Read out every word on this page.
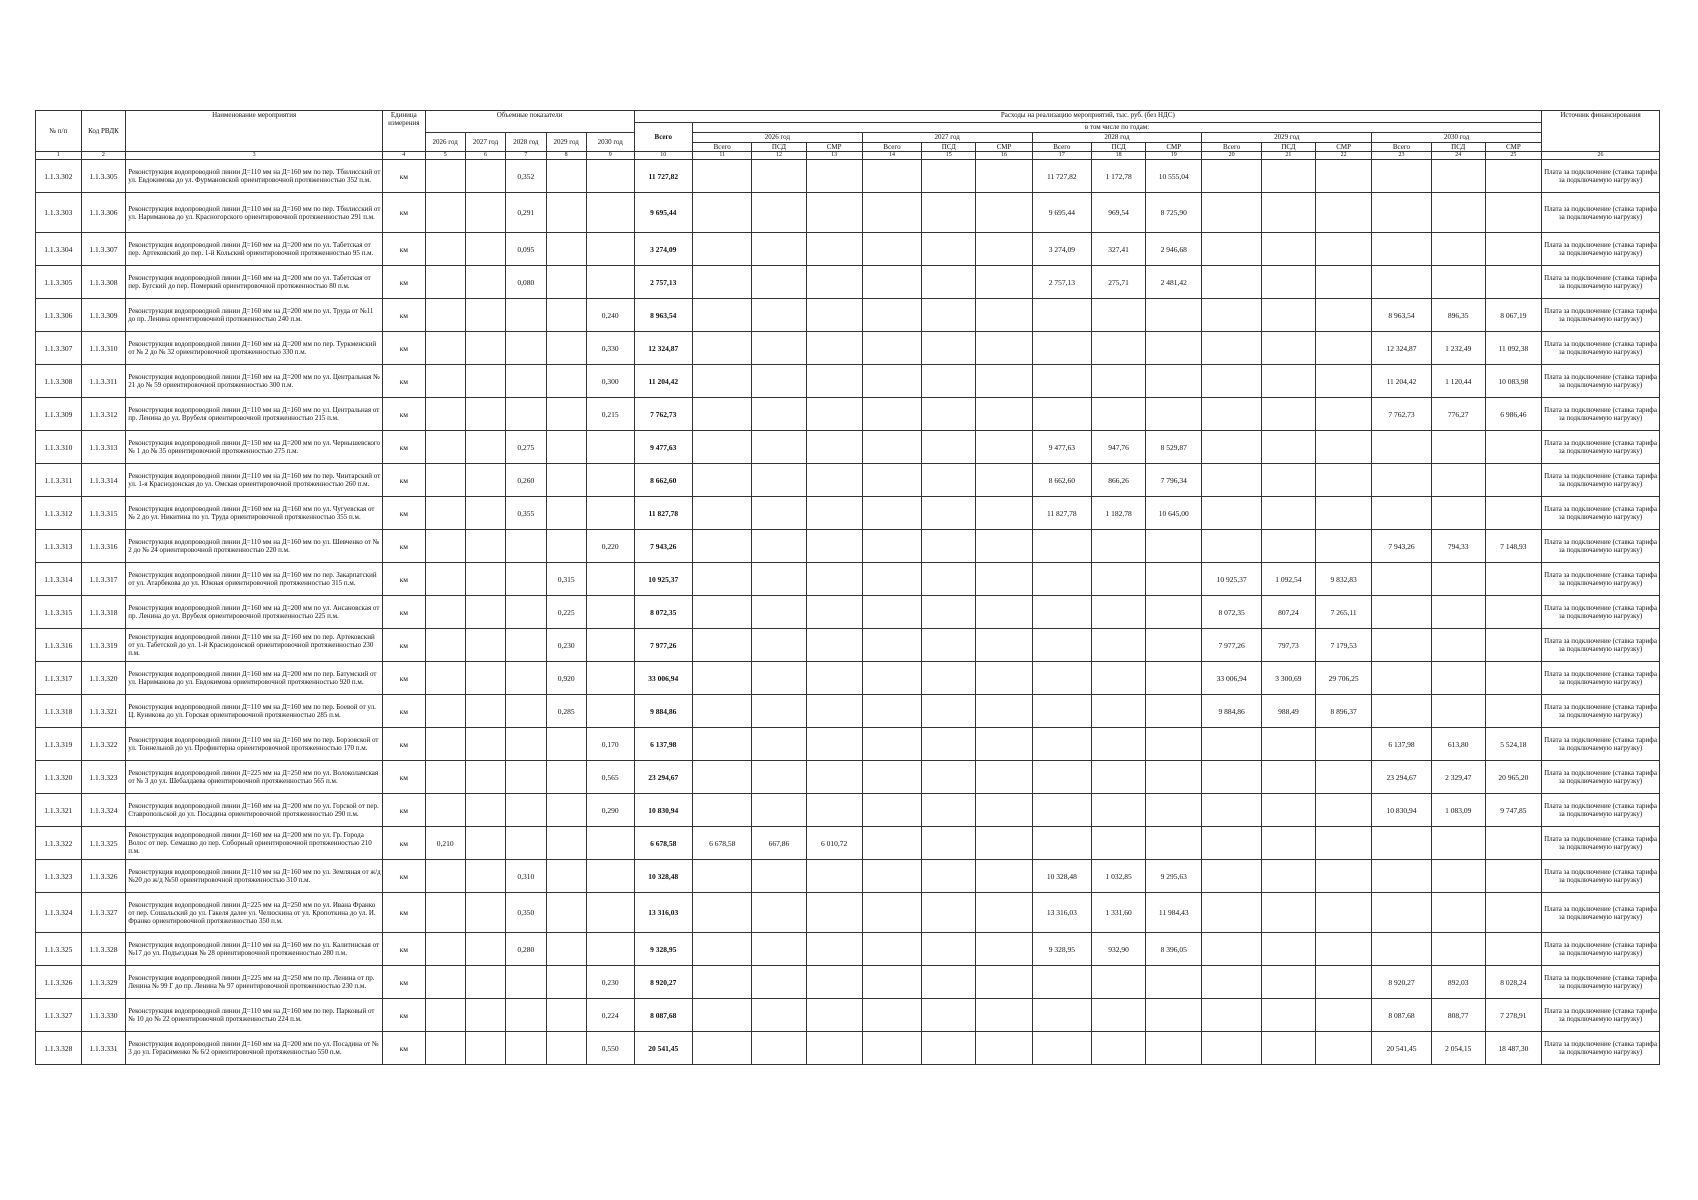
№ п/п	Код РВДК	Наименование мероприятия	Единица измерения	Объемные показатели					Расходы на реализацию мероприятий, тыс. руб. (без НДС)																Источник финансирования
									Всего	в том числе по годам:															
				2026 год	2027 год	2028 год	2029 год	2030 год		2026 год			2027 год			2028 год			2029 год			2030 год			
										Всего	ПСД	СМР	Всего	ПСД	СМР	Всего	ПСД	СМР	Всего	ПСД	СМР	Всего	ПСД	СМР	
1	2	3	4	5	6	7	8	9	10	11	12	13	14	15	16	17	18	19	20	21	22	23	24	25	26
1.1.3.302	1.1.3.305	Реконструкция водопроводной линии Д=110 мм на Д=160 мм по пер. Тбилисский от ул. Евдокимова до ул. Фурмановской ориентировочной протяженностью 352 п.м.	км			0,352			11 727,82							11 727,82	1 172,78	10 555,04							Плата за подключение (ставка тарифа за подключаемую нагрузку)
1.1.3.303	1.1.3.306	Реконструкция водопроводной линии Д=110 мм на Д=160 мм по пер. Тбилисский от ул. Нариманова до ул. Красногорского ориентировочной протяженностью 291 п.м.	км			0,291			9 695,44							9 695,44	969,54	8 725,90							Плата за подключение (ставка тарифа за подключаемую нагрузку)
1.1.3.304	1.1.3.307	Реконструкция водопроводной линии Д=160 мм на Д=200 мм по ул. Табетская от пер. Артековский до пер. 1-й Кольский ориентировочной протяженностью 95 п.м.	км			0,095			3 274,09							3 274,09	327,41	2 946,68							Плата за подключение (ставка тарифа за подключаемую нагрузку)
1.1.3.305	1.1.3.308	Реконструкция водопроводной линии Д=160 мм на Д=200 мм по ул. Табетская от пер. Бугский до пер. Померкий ориентировочной протяженностью 80 п.м.	км			0,080			2 757,13							2 757,13	275,71	2 481,42							Плата за подключение (ставка тарифа за подключаемую нагрузку)
1.1.3.306	1.1.3.309	Реконструкция водопроводной линии Д=160 мм на Д=200 мм по ул. Труда от №11 до пр. Ленина ориентировочной протяженностью 240 п.м.	км					0,240	8 963,54													8 963,54	896,35	8 067,19	Плата за подключение (ставка тарифа за подключаемую нагрузку)
1.1.3.307	1.1.3.310	Реконструкция водопроводной линии Д=160 мм на Д=200 мм по пер. Туркменский от № 2 до № 32 ориентировочной протяженностью 330 п.м.	км					0,330	12 324,87													12 324,87	1 232,49	11 092,38	Плата за подключение (ставка тарифа за подключаемую нагрузку)
1.1.3.308	1.1.3.311	Реконструкция водопроводной линии Д=160 мм на Д=200 мм по ул. Центральная № 21 до № 59 ориентировочной протяженностью 300 п.м.	км					0,300	11 204,42													11 204,42	1 120,44	10 083,98	Плата за подключение (ставка тарифа за подключаемую нагрузку)
1.1.3.309	1.1.3.312	Реконструкция водопроводной линии Д=110 мм на Д=160 мм по ул. Центральная от пр. Ленина до ул. Врубеля ориентировочной протяженностью 215 п.м.	км					0,215	7 762,73													7 762,73	776,27	6 986,46	Плата за подключение (ставка тарифа за подключаемую нагрузку)
1.1.3.310	1.1.3.313	Реконструкция водопроводной линии Д=150 мм на Д=200 мм по ул. Чернышевского № 1 до № 35 ориентировочной протяженностью 275 п.м.	км			0,275			9 477,63							9 477,63	947,76	8 529,87							Плата за подключение (ставка тарифа за подключаемую нагрузку)
1.1.3.311	1.1.3.314	Реконструкция водопроводной линии Д=110 мм на Д=160 мм по пер. Чинтарский от ул. 1-я Краснодонская до ул. Омская ориентировочной протяженностью 260 п.м.	км			0,260			8 662,60							8 662,60	866,26	7 796,34							Плата за подключение (ставка тарифа за подключаемую нагрузку)
1.1.3.312	1.1.3.315	Реконструкция водопроводной линии Д=160 мм на Д=160 мм по ул. Чугуевская от № 2 до ул. Никитина по ул. Труда ориентировочной протяженностью 355 п.м.	км			0,355			11 827,78							11 827,78	1 182,78	10 645,00							Плата за подключение (ставка тарифа за подключаемую нагрузку)
1.1.3.313	1.1.3.316	Реконструкция водопроводной линии Д=110 мм на Д=160 мм по ул. Шевченко от № 2 до № 24 ориентировочной протяженностью 220 п.м.	км					0,220	7 943,26													7 943,26	794,33	7 148,93	Плата за подключение (ставка тарифа за подключаемую нагрузку)
1.1.3.314	1.1.3.317	Реконструкция водопроводной линии Д=110 мм на Д=160 мм по пер. Закарпатский от ул. Атарбекова до ул. Южная ориентировочной протяженностью 315 п.м.	км				0,315		10 925,37										10 925,37	1 092,54	9 832,83				Плата за подключение (ставка тарифа за подключаемую нагрузку)
1.1.3.315	1.1.3.318	Реконструкция водопроводной линии Д=160 мм на Д=200 мм по ул. Ансановская от пр. Ленина до ул. Врубеля ориентировочной протяженностью 225 п.м.	км				0,225		8 072,35										8 072,35	807,24	7 265,11				Плата за подключение (ставка тарифа за подключаемую нагрузку)
1.1.3.316	1.1.3.319	Реконструкция водопроводной линии Д=110 мм на Д=160 мм по пер. Артековский от ул. Табетской до ул. 1-й Краснодонской ориентировочной протяженностью 230 п.м.	км				0,230		7 977,26										7 977,26	797,73	7 179,53				Плата за подключение (ставка тарифа за подключаемую нагрузку)
1.1.3.317	1.1.3.320	Реконструкция водопроводной линии Д=160 мм на Д=200 мм по пер. Батумский от ул. Нариманова до ул. Евдокимова ориентировочной протяженностью 920 п.м.	км				0,920		33 006,94										33 006,94	3 300,69	29 706,25				Плата за подключение (ставка тарифа за подключаемую нагрузку)
1.1.3.318	1.1.3.321	Реконструкция водопроводной линии Д=110 мм на Д=160 мм по пер. Боевой от ул. Ц. Куникова до ул. Горская ориентировочной протяженностью 285 п.м.	км				0,285		9 884,86										9 884,86	988,49	8 896,37				Плата за подключение (ставка тарифа за подключаемую нагрузку)
1.1.3.319	1.1.3.322	Реконструкция водопроводной линии Д=110 мм на Д=160 мм по пер. Борзовской от ул. Тоннельной до ул. Профинтерна ориентировочной протяженностью 170 п.м.	км					0,170	6 137,98													6 137,98	613,80	5 524,18	Плата за подключение (ставка тарифа за подключаемую нагрузку)
1.1.3.320	1.1.3.323	Реконструкция водопроводной линии Д=225 мм на Д=250 мм по ул. Волоколамская от № 3 до ул. Шебалдаева ориентировочной протяженностью 565 п.м.	км					0,565	23 294,67													23 294,67	2 329,47	20 965,20	Плата за подключение (ставка тарифа за подключаемую нагрузку)
1.1.3.321	1.1.3.324	Реконструкция водопроводной линии Д=160 мм на Д=200 мм по ул. Горской от пер. Ставропольской до ул. Посадина ориентировочной протяженностью 290 п.м.	км					0,290	10 830,94													10 830,94	1 083,09	9 747,85	Плата за подключение (ставка тарифа за подключаемую нагрузку)
1.1.3.322	1.1.3.325	Реконструкция водопроводной линии Д=160 мм на Д=200 мм по ул. Гр. Города Волос от пер. Семашко до пер. Соборный ориентировочной протяженностью 210 п.м.	км	0,210					6 678,58	6 678,58	667,86	6 010,72													Плата за подключение (ставка тарифа за подключаемую нагрузку)
1.1.3.323	1.1.3.326	Реконструкция водопроводной линии Д=110 мм на Д=160 мм по ул. Земляная от ж/д №20 до ж/д №50 ориентировочной протяженностью 310 п.м.	км			0,310			10 328,48							10 328,48	1 032,85	9 295,63							Плата за подключение (ставка тарифа за подключаемую нагрузку)
1.1.3.324	1.1.3.327	Реконструкция водопроводной линии Д=225 мм на Д=250 мм по ул. Ивана Франко от пер. Сошальский до ул. Гакеля далее ул. Челюскина от ул. Кропоткина до ул. И. Франко ориентировочной протяженностью 350 п.м.	км			0,350			13 316,03							13 316,03	1 331,60	11 984,43							Плата за подключение (ставка тарифа за подключаемую нагрузку)
1.1.3.325	1.1.3.328	Реконструкция водопроводной линии Д=110 мм на Д=160 мм по ул. Калитинская от №17 до ул. Подъездная № 28 ориентировочной протяженностью 280 п.м.	км			0,280			9 328,95							9 328,95	932,90	8 396,05							Плата за подключение (ставка тарифа за подключаемую нагрузку)
1.1.3.326	1.1.3.329	Реконструкция водопроводной линии Д=225 мм на Д=250 мм по пр. Ленина от пр. Ленина № 99 Г до пр. Ленина № 97 ориентировочной протяженностью 230 п.м.	км					0,230	8 920,27													8 920,27	892,03	8 028,24	Плата за подключение (ставка тарифа за подключаемую нагрузку)
1.1.3.327	1.1.3.330	Реконструкция водопроводной линии Д=110 мм на Д=160 мм по пер. Парковый от № 10 до № 22 ориентировочной протяженностью 224 п.м.	км					0,224	8 087,68													8 087,68	808,77	7 278,91	Плата за подключение (ставка тарифа за подключаемую нагрузку)
1.1.3.328	1.1.3.331	Реконструкция водопроводной линии Д=160 мм на Д=200 мм по ул. Посадина от № 3 до ул. Герасименко № 6/2 ориентировочной протяженностью 550 п.м.	км					0,550	20 541,45													20 541,45	2 054,15	18 487,30	Плата за подключение (ставка тарифа за подключаемую нагрузку)
